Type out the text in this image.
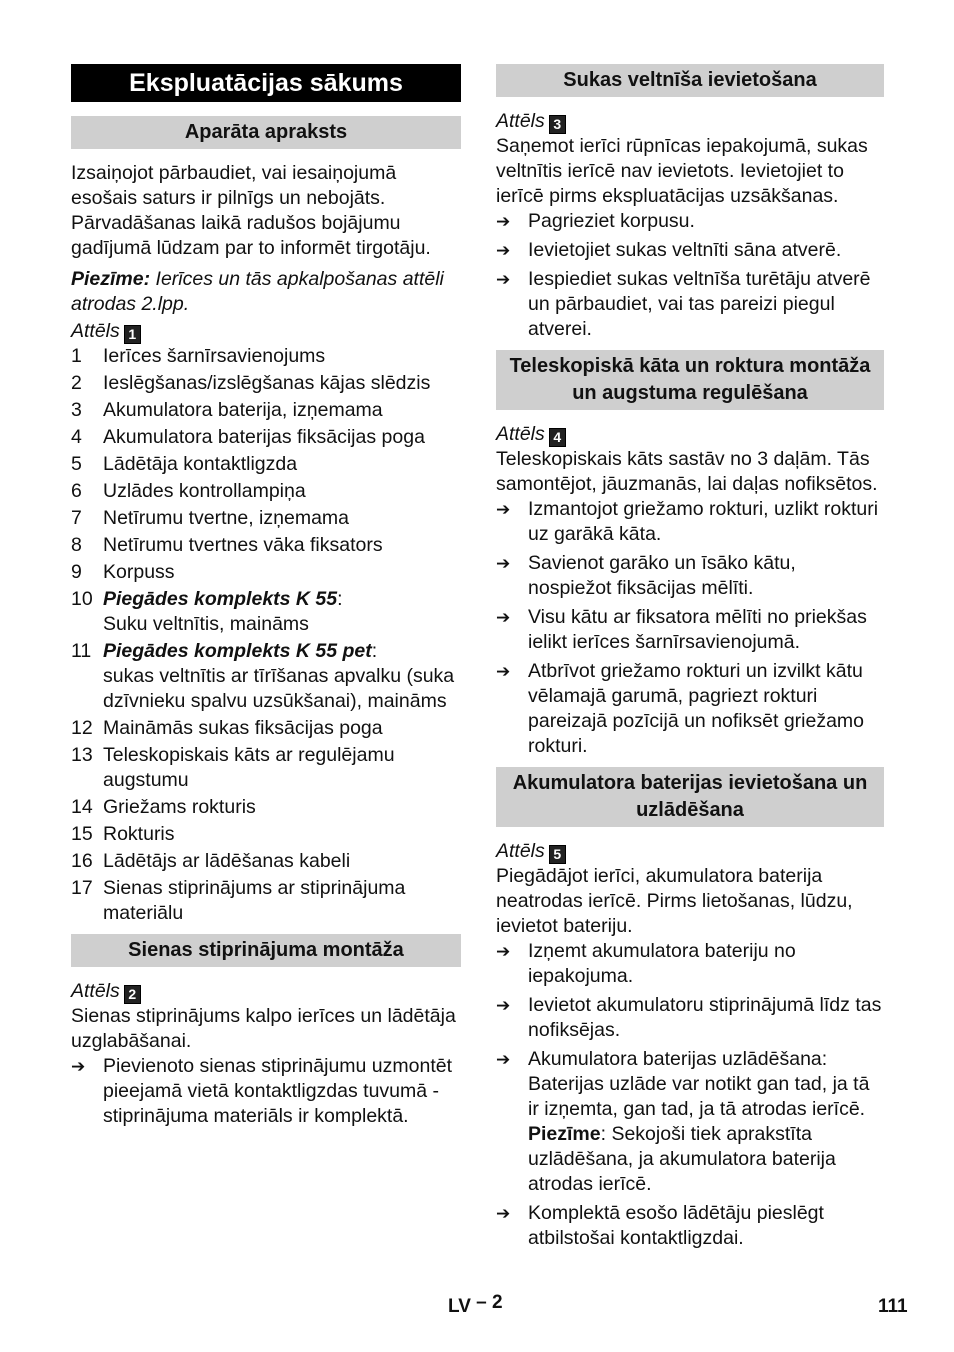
Ekspluatācijas sākums
Aparāta apraksts

Izsaiņojot pārbaudiet, vai iesaiņojumā esošais saturs ir pilnīgs un nebojāts. Pārvadāšanas laikā radušos bojājumu gadījumā lūdzam par to informēt tirgotāju.

Piezīme: Ierīces un tās apkalpošanas attēli atrodas 2.lpp.

Attēls 1

1	Ierīces šarnīrsavienojums
2	Ieslēgšanas/izslēgšanas kājas slēdzis
3	Akumulatora baterija, izņemama
4	Akumulatora baterijas fiksācijas poga
5	Lādētāja kontaktligzda
6	Uzlādes kontrollampiņa
7	Netīrumu tvertne, izņemama
8	Netīrumu tvertnes vāka fiksators
9	Korpuss
10 Piegādes komplekts K 55:
Suku veltnītis, maināms
11 Piegādes komplekts K 55 pet:
sukas veltnītis ar tīrīšanas apvalku (suka dzīvnieku spalvu uzsūkšanai), maināms
12 Maināmās sukas fiksācijas poga
13 Teleskopiskais kāts ar regulējamu augstumu
14 Griežams rokturis
15 Rokturis
16 Lādētājs ar lādēšanas kabeli
17 Sienas stiprinājums ar stiprinājuma materiālu
Sienas stiprinājuma montāža

Attēls 2

Sienas stiprinājums kalpo ierīces un lādētāja uzglabāšanai.

➔ Pievienoto sienas stiprinājumu uzmontēt pieejamā vietā kontaktligzdas tuvumā - stiprinājuma materiāls ir komplektā.
Sukas veltnīša ievietošana

Attēls 3

Saņemot ierīci rūpnīcas iepakojumā, sukas veltnītis ierīcē nav ievietots. Ievietojiet to ierīcē pirms ekspluatācijas uzsākšanas.

➔ Pagrieziet korpusu.
➔ Ievietojiet sukas veltnīti sāna atverē.
➔ Iespiediet sukas veltnīša turētāju atverē un pārbaudiet, vai tas pareizi piegul atverei.
Teleskopiskā kāta un roktura montāža un augstuma regulēšana

Attēls 4

Teleskopiskais kāts sastāv no 3 daļām. Tās samontējot, jāuzmanās, lai daļas nofiksētos.

➔ Izmantojot griežamo rokturi, uzlikt rokturi uz garākā kāta.
➔ Savienot garāko un īsāko kātu, nospiežot fiksācijas mēlīti.
➔ Visu kātu ar fiksatora mēlīti no priekšas ielikt ierīces šarnīrsavienojumā.
➔ Atbrīvot griežamo rokturi un izvilkt kātu vēlamajā garumā, pagriezt rokturi pareizajā pozīcijā un nofiksēt griežamo rokturi.
Akumulatora baterijas ievietošana un uzlādēšana

Attēls 5

Piegādājot ierīci, akumulatora baterija neatrodas ierīcē. Pirms lietošanas, lūdzu, ievietot bateriju.

➔ Izņemt akumulatora bateriju no iepakojuma.
➔ Ievietot akumulatoru stiprinājumā līdz tas nofiksējas.
➔ Akumulatora baterijas uzlādēšana: Baterijas uzlāde var notikt gan tad, ja tā ir izņemta, gan tad, ja tā atrodas ierīcē. Piezīme: Sekojoši tiek aprakstīta uzlādēšana, ja akumulatora baterija atrodas ierīcē.
➔ Komplektā esošo lādētāju pieslēgt atbilstošai kontaktligzdai.
LV – 2	111
